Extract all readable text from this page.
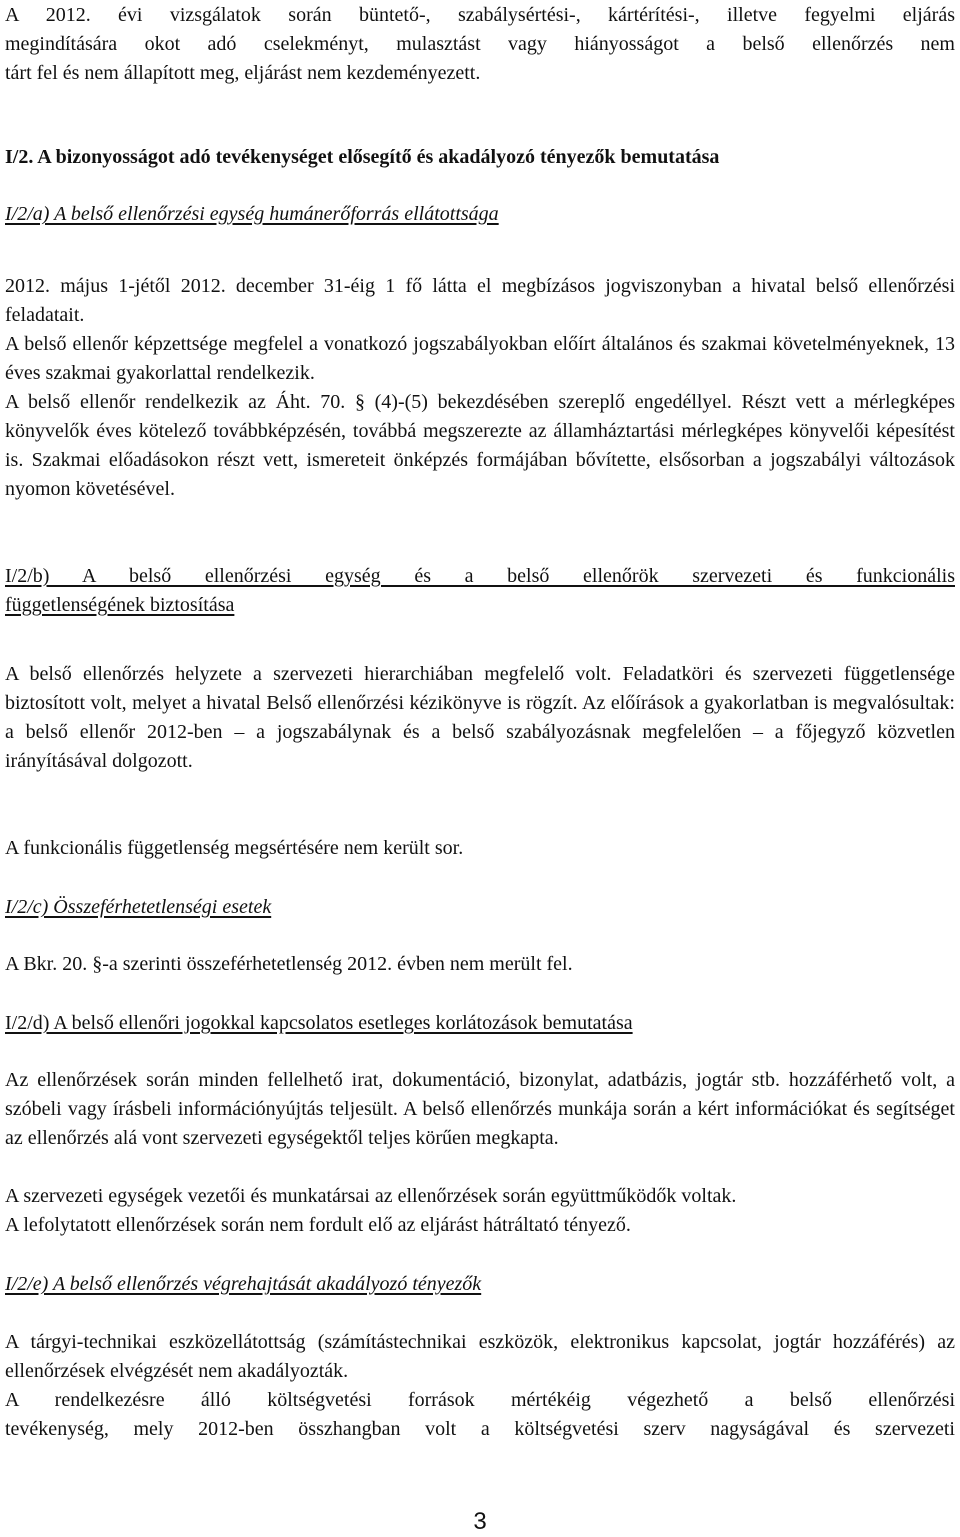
A 2012. évi vizsgálatok során büntető-, szabálysértési-, kártérítési-, illetve fegyelmi eljárás

megindítására okot adó cselekményt, mulasztást vagy hiányosságot a belső ellenőrzés nem

tárt fel és nem állapított meg, eljárást nem kezdeményezett.

I/2. A bizonyosságot adó tevékenységet elősegítő és akadályozó tényezők bemutatása

I/2/a) A belső ellenőrzési egység humánerőforrás ellátottsága

2012. május 1-jétől 2012. december 31-éig 1 fő látta el megbízásos jogviszonyban a hivatal belső ellenőrzési feladatait.

A belső ellenőr képzettsége megfelel a vonatkozó jogszabályokban előírt általános és szakmai követelményeknek, 13 éves szakmai gyakorlattal rendelkezik.

A belső ellenőr rendelkezik az Áht. 70. § (4)-(5) bekezdésében szereplő engedéllyel. Részt vett a mérlegképes könyvelők éves kötelező továbbképzésén, továbbá megszerezte az államháztartási mérlegképes könyvelői képesítést is. Szakmai előadásokon részt vett, ismereteit önképzés formájában bővítette, elsősorban a jogszabályi változások nyomon követésével.

I/2/b) A belső ellenőrzési egység és a belső ellenőrök szervezeti és funkcionális

függetlenségének biztosítása

A belső ellenőrzés helyzete a szervezeti hierarchiában megfelelő volt. Feladatköri és szervezeti függetlensége biztosított volt, melyet a hivatal Belső ellenőrzési kézikönyve is rögzít. Az előírások a gyakorlatban is megvalósultak: a belső ellenőr 2012-ben – a jogszabálynak és a belső szabályozásnak megfelelően – a főjegyző közvetlen irányításával dolgozott.

A funkcionális függetlenség megsértésére nem került sor.

I/2/c) Összeférhetetlenségi esetek

A Bkr. 20. §-a szerinti összeférhetetlenség 2012. évben nem merült fel.

I/2/d) A belső ellenőri jogokkal kapcsolatos esetleges korlátozások bemutatása

Az ellenőrzések során minden fellelhető irat, dokumentáció, bizonylat, adatbázis, jogtár stb. hozzáférhető volt, a szóbeli vagy írásbeli információnyújtás teljesült. A belső ellenőrzés munkája során a kért információkat és segítséget az ellenőrzés alá vont szervezeti egységektől teljes körűen megkapta.

A szervezeti egységek vezetői és munkatársai az ellenőrzések során együttműködők voltak.

A lefolytatott ellenőrzések során nem fordult elő az eljárást hátráltató tényező.

I/2/e) A belső ellenőrzés végrehajtását akadályozó tényezők

A tárgyi-technikai eszközellátottság (számítástechnikai eszközök, elektronikus kapcsolat, jogtár hozzáférés) az ellenőrzések elvégzését nem akadályozták.

A rendelkezésre álló költségvetési források mértékéig végezhető a belső ellenőrzési

tevékenység, mely 2012-ben összhangban volt a költségvetési szerv nagyságával és szervezeti

3
